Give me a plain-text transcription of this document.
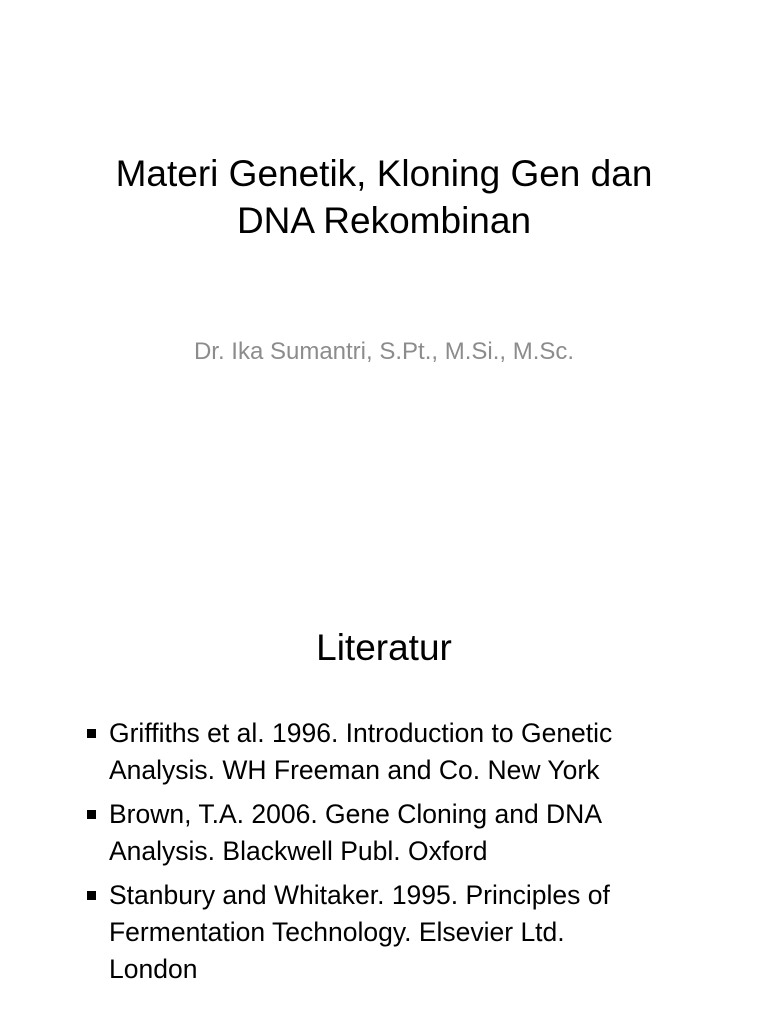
Materi Genetik, Kloning Gen dan
DNA Rekombinan
Dr. Ika Sumantri, S.Pt., M.Si., M.Sc.
Literatur
Griffiths et al. 1996. Introduction to Genetic
Analysis. WH Freeman and Co. New York
Brown, T.A. 2006. Gene Cloning and DNA
Analysis. Blackwell Publ. Oxford
Stanbury and Whitaker. 1995. Principles of
Fermentation Technology. Elsevier Ltd.
London
